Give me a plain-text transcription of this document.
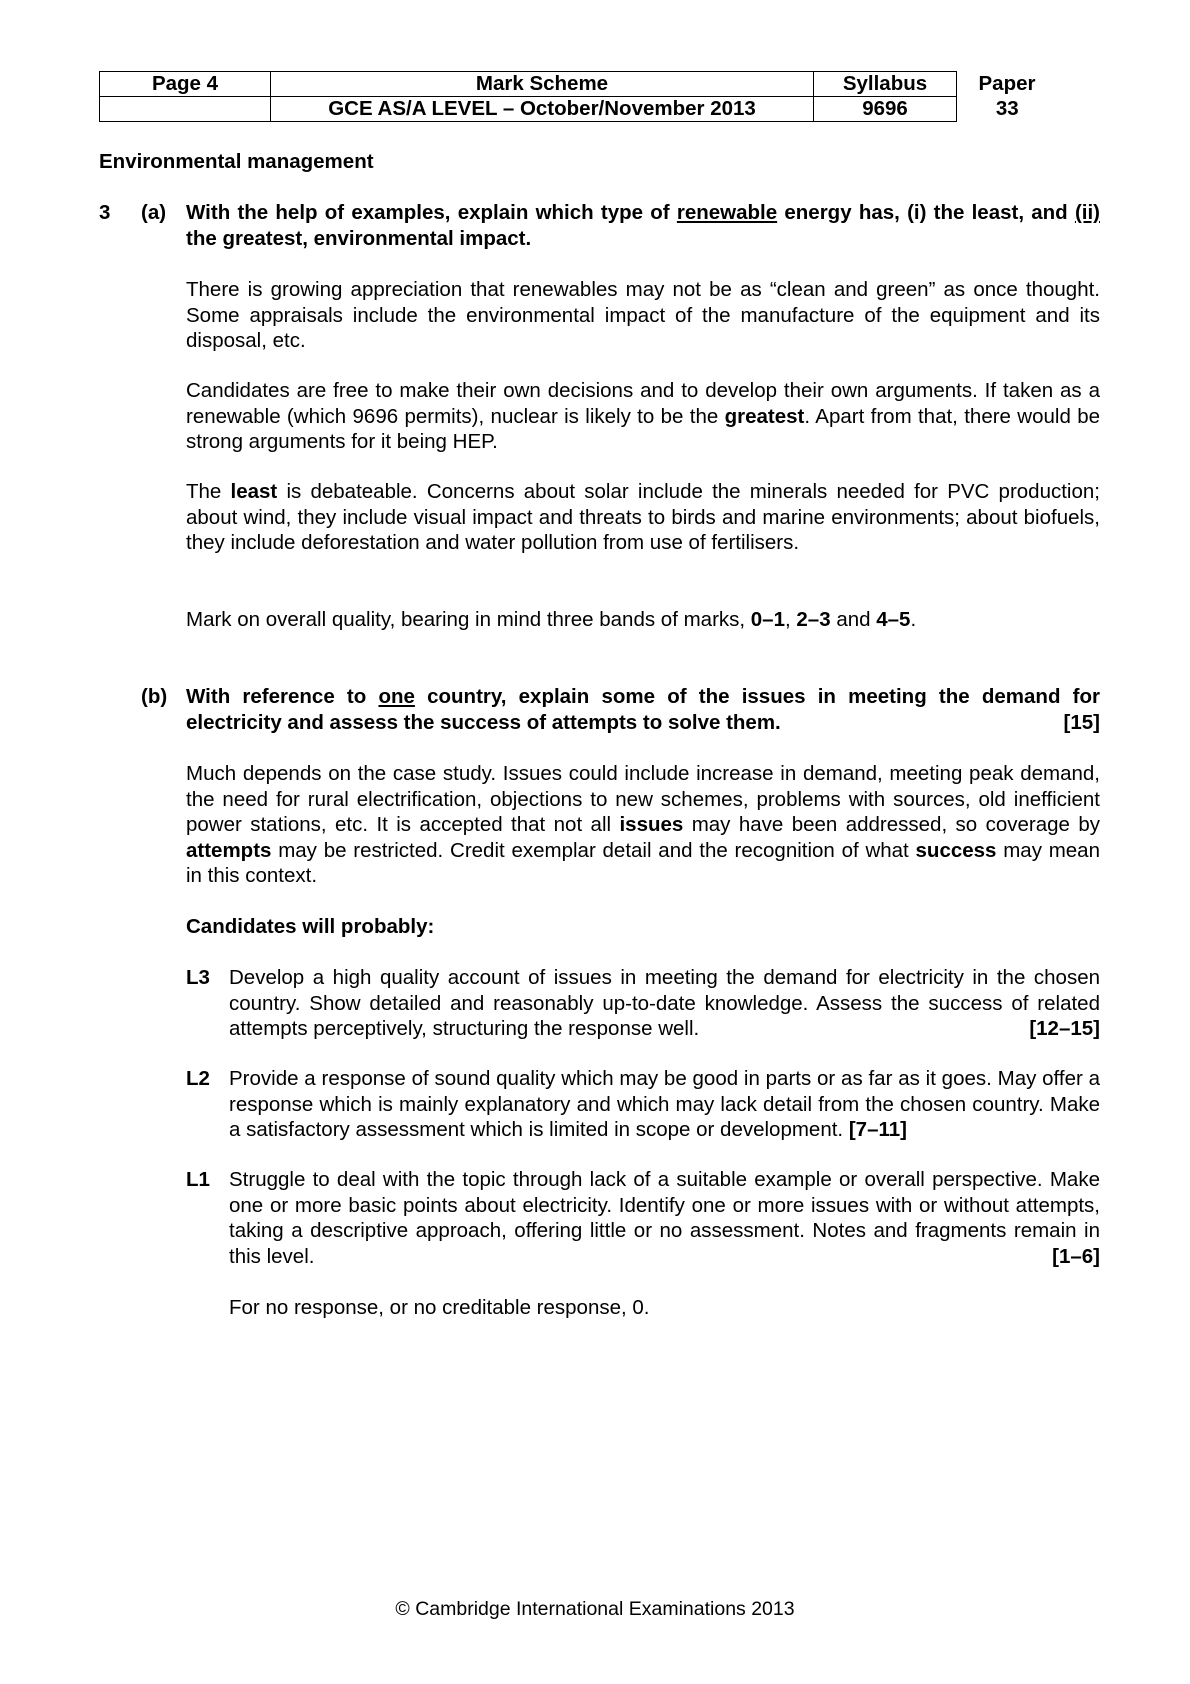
Page 4	Mark Scheme	Syllabus	Paper
	GCE AS/A LEVEL – October/November 2013	9696	33
Environmental management
3 (a) With the help of examples, explain which type of renewable energy has, (i) the least, and (ii) the greatest, environmental impact.
There is growing appreciation that renewables may not be as “clean and green” as once thought. Some appraisals include the environmental impact of the manufacture of the equipment and its disposal, etc.
Candidates are free to make their own decisions and to develop their own arguments. If taken as a renewable (which 9696 permits), nuclear is likely to be the greatest. Apart from that, there would be strong arguments for it being HEP.
The least is debateable. Concerns about solar include the minerals needed for PVC production; about wind, they include visual impact and threats to birds and marine environments; about biofuels, they include deforestation and water pollution from use of fertilisers.
Mark on overall quality, bearing in mind three bands of marks, 0–1, 2–3 and 4–5.
(b) With reference to one country, explain some of the issues in meeting the demand for electricity and assess the success of attempts to solve them.	[15]
Much depends on the case study. Issues could include increase in demand, meeting peak demand, the need for rural electrification, objections to new schemes, problems with sources, old inefficient power stations, etc. It is accepted that not all issues may have been addressed, so coverage by attempts may be restricted. Credit exemplar detail and the recognition of what success may mean in this context.
Candidates will probably:
L3 Develop a high quality account of issues in meeting the demand for electricity in the chosen country. Show detailed and reasonably up-to-date knowledge. Assess the success of related attempts perceptively, structuring the response well.	[12–15]
L2 Provide a response of sound quality which may be good in parts or as far as it goes. May offer a response which is mainly explanatory and which may lack detail from the chosen country. Make a satisfactory assessment which is limited in scope or development. [7–11]
L1 Struggle to deal with the topic through lack of a suitable example or overall perspective. Make one or more basic points about electricity. Identify one or more issues with or without attempts, taking a descriptive approach, offering little or no assessment. Notes and fragments remain in this level.	[1–6]
For no response, or no creditable response, 0.
© Cambridge International Examinations 2013
